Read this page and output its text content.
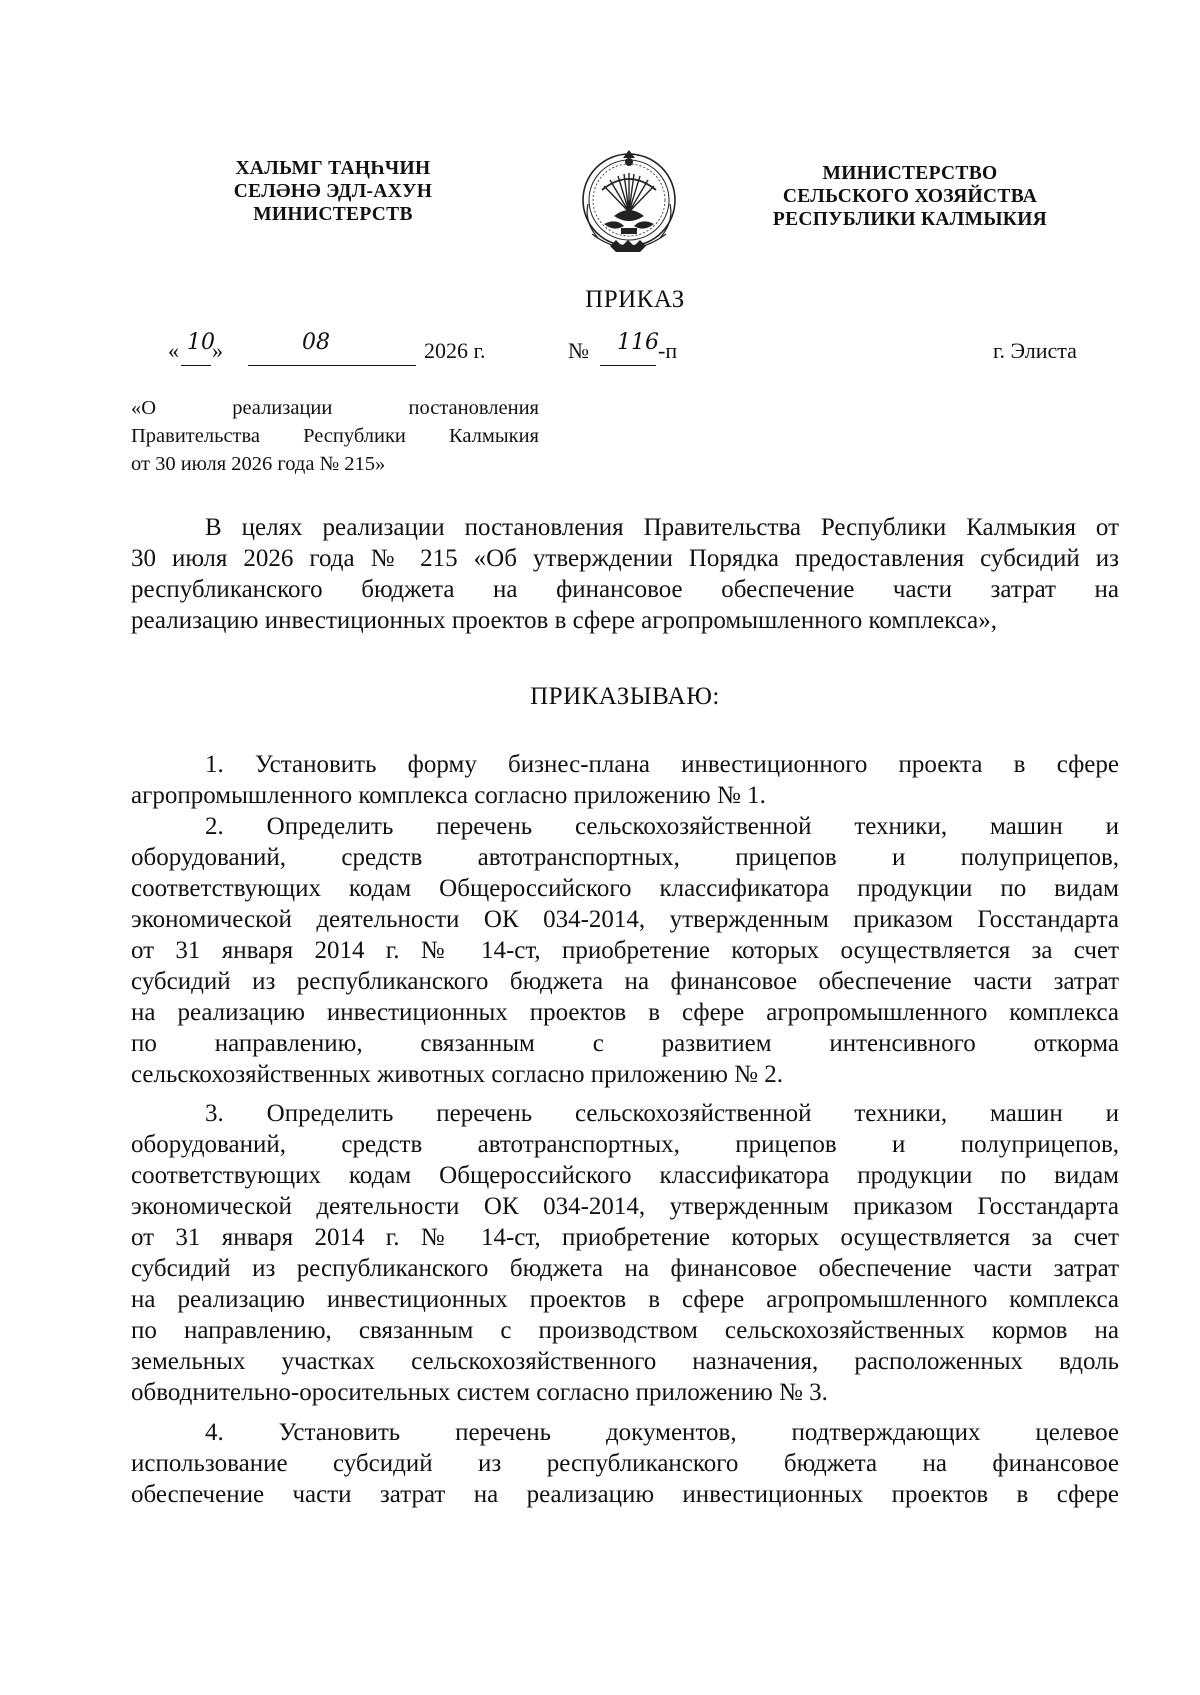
ХАЛЬМГ ТАҢҺЧИН
СЕЛӘНӘ ЭДЛ-АХУН
МИНИСТЕРСТВ
МИНИСТЕРСТВО
СЕЛЬСКОГО ХОЗЯЙСТВА
РЕСПУБЛИКИ КАЛМЫКИЯ
ПРИКАЗ
« 10
»	08	2026 г.	№ 116 -п	г. Элиста
«О	реализации	постановления
Правительства Республики Калмыкия
от 30 июля 2026 года № 215»
В целях реализации постановления Правительства Республики Калмыкия от
30 июля 2026 года № 215 «Об утверждении Порядка предоставления субсидий из
республиканского бюджета на финансовое обеспечение части затрат на
реализацию инвестиционных проектов в сфере агропромышленного комплекса»,
ПРИКАЗЫВАЮ:
1. Установить форму бизнес-плана инвестиционного проекта в сфере
агропромышленного комплекса согласно приложению № 1.
2. Определить перечень сельскохозяйственной техники, машин и
оборудований, средств автотранспортных, прицепов и полуприцепов,
соответствующих кодам Общероссийского классификатора продукции по видам
экономической деятельности ОК 034-2014, утвержденным приказом Госстандарта
от 31 января 2014 г. № 14-ст, приобретение которых осуществляется за счет
субсидий из республиканского бюджета на финансовое обеспечение части затрат
на реализацию инвестиционных проектов в сфере агропромышленного комплекса
по направлению, связанным с развитием интенсивного откорма
сельскохозяйственных животных согласно приложению № 2.
3. Определить перечень сельскохозяйственной техники, машин и
оборудований, средств автотранспортных, прицепов и полуприцепов,
соответствующих кодам Общероссийского классификатора продукции по видам
экономической деятельности ОК 034-2014, утвержденным приказом Госстандарта
от 31 января 2014 г. № 14-ст, приобретение которых осуществляется за счет
субсидий из республиканского бюджета на финансовое обеспечение части затрат
на реализацию инвестиционных проектов в сфере агропромышленного комплекса
по направлению, связанным с производством сельскохозяйственных кормов на
земельных участках сельскохозяйственного назначения, расположенных вдоль
обводнительно-оросительных систем согласно приложению № 3.
4. Установить перечень документов, подтверждающих целевое
использование субсидий из республиканского бюджета на финансовое
обеспечение части затрат на реализацию инвестиционных проектов в сфере
